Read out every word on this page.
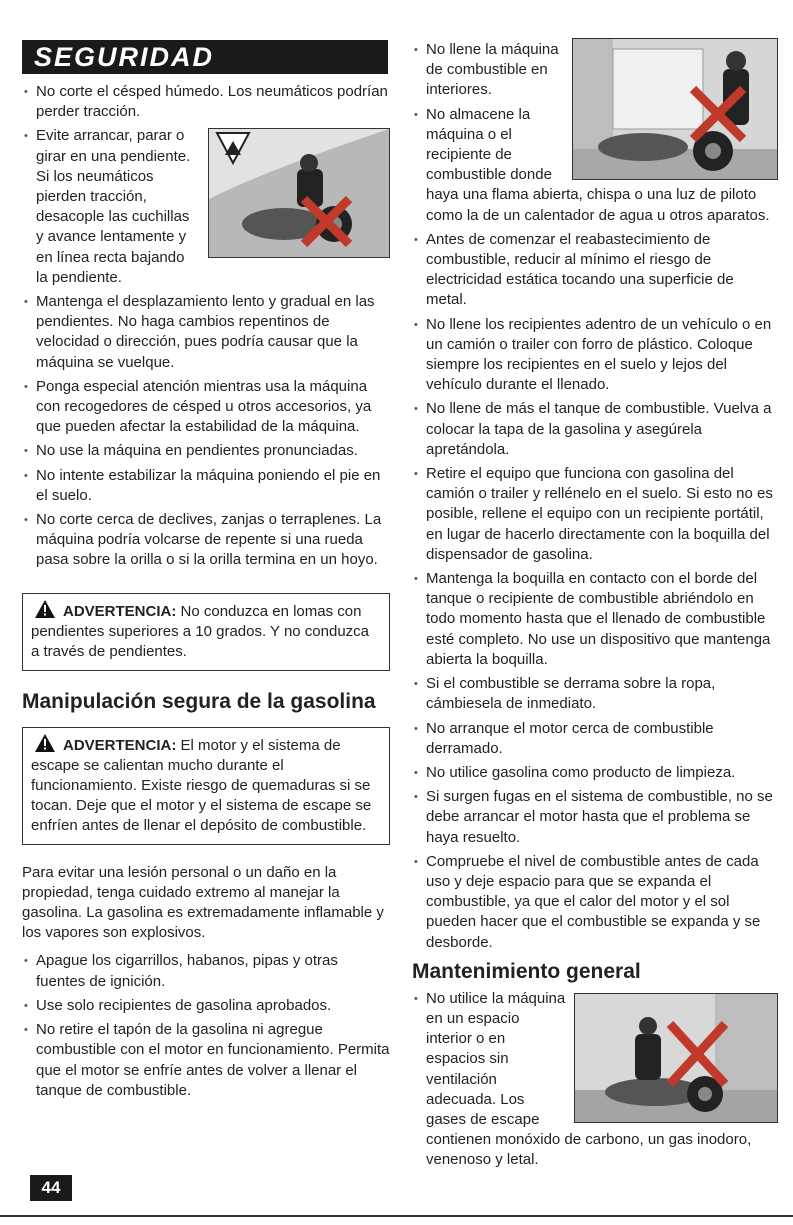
SEGURIDAD
• No corte el césped húmedo. Los neumáticos podrían perder tracción.
• Evite arrancar, parar o girar en una pendiente. Si los neumáticos pierden tracción, desacople las cuchillas y avance lentamente y en línea recta bajando la pendiente.
• Mantenga el desplazamiento lento y gradual en las pendientes. No haga cambios repentinos de velocidad o dirección, pues podría causar que la máquina se vuelque.
• Ponga especial atención mientras usa la máquina con recogedores de césped u otros accesorios, ya que pueden afectar la estabilidad de la máquina.
• No use la máquina en pendientes pronunciadas.
• No intente estabilizar la máquina poniendo el pie en el suelo.
• No corte cerca de declives, zanjas o terraplenes. La máquina podría volcarse de repente si una rueda pasa sobre la orilla o si la orilla termina en un hoyo.
ADVERTENCIA: No conduzca en lomas con pendientes superiores a 10 grados. Y no conduzca a través de pendientes.
Manipulación segura de la gasolina
ADVERTENCIA: El motor y el sistema de escape se calientan mucho durante el funcionamiento. Existe riesgo de quemaduras si se tocan. Deje que el motor y el sistema de escape se enfríen antes de llenar el depósito de combustible.

Para evitar una lesión personal o un daño en la propiedad, tenga cuidado extremo al manejar la gasolina. La gasolina es extremadamente inflamable y los vapores son explosivos.

• Apague los cigarrillos, habanos, pipas y otras fuentes de ignición.
• Use solo recipientes de gasolina aprobados.
• No retire el tapón de la gasolina ni agregue combustible con el motor en funcionamiento. Permita que el motor se enfríe antes de volver a llenar el tanque de combustible.
• No llene la máquina de combustible en interiores.
• No almacene la máquina o el recipiente de combustible donde haya una flama abierta, chispa o una luz de piloto como la de un calentador de agua u otros aparatos.
• Antes de comenzar el reabastecimiento de combustible, reducir al mínimo el riesgo de electricidad estática tocando una superficie de metal.
• No llene los recipientes adentro de un vehículo o en un camión o trailer con forro de plástico. Coloque siempre los recipientes en el suelo y lejos del vehículo durante el llenado.
• No llene de más el tanque de combustible. Vuelva a colocar la tapa de la gasolina y asegúrela apretándola.
• Retire el equipo que funciona con gasolina del camión o trailer y rellénelo en el suelo. Si esto no es posible, rellene el equipo con un recipiente portátil, en lugar de hacerlo directamente con la boquilla del dispensador de gasolina.
• Mantenga la boquilla en contacto con el borde del tanque o recipiente de combustible abriéndolo en todo momento hasta que el llenado de combustible esté completo. No use un dispositivo que mantenga abierta la boquilla.
• Si el combustible se derrama sobre la ropa, cámbiesela de inmediato.
• No arranque el motor cerca de combustible derramado.
• No utilice gasolina como producto de limpieza.
• Si surgen fugas en el sistema de combustible, no se debe arrancar el motor hasta que el problema se haya resuelto.
• Compruebe el nivel de combustible antes de cada uso y deje espacio para que se expanda el combustible, ya que el calor del motor y el sol pueden hacer que el combustible se expanda y se desborde.
Mantenimiento general
• No utilice la máquina en un espacio interior o en espacios sin ventilación adecuada. Los gases de escape contienen monóxido de carbono, un gas inodoro, venenoso y letal.
44
